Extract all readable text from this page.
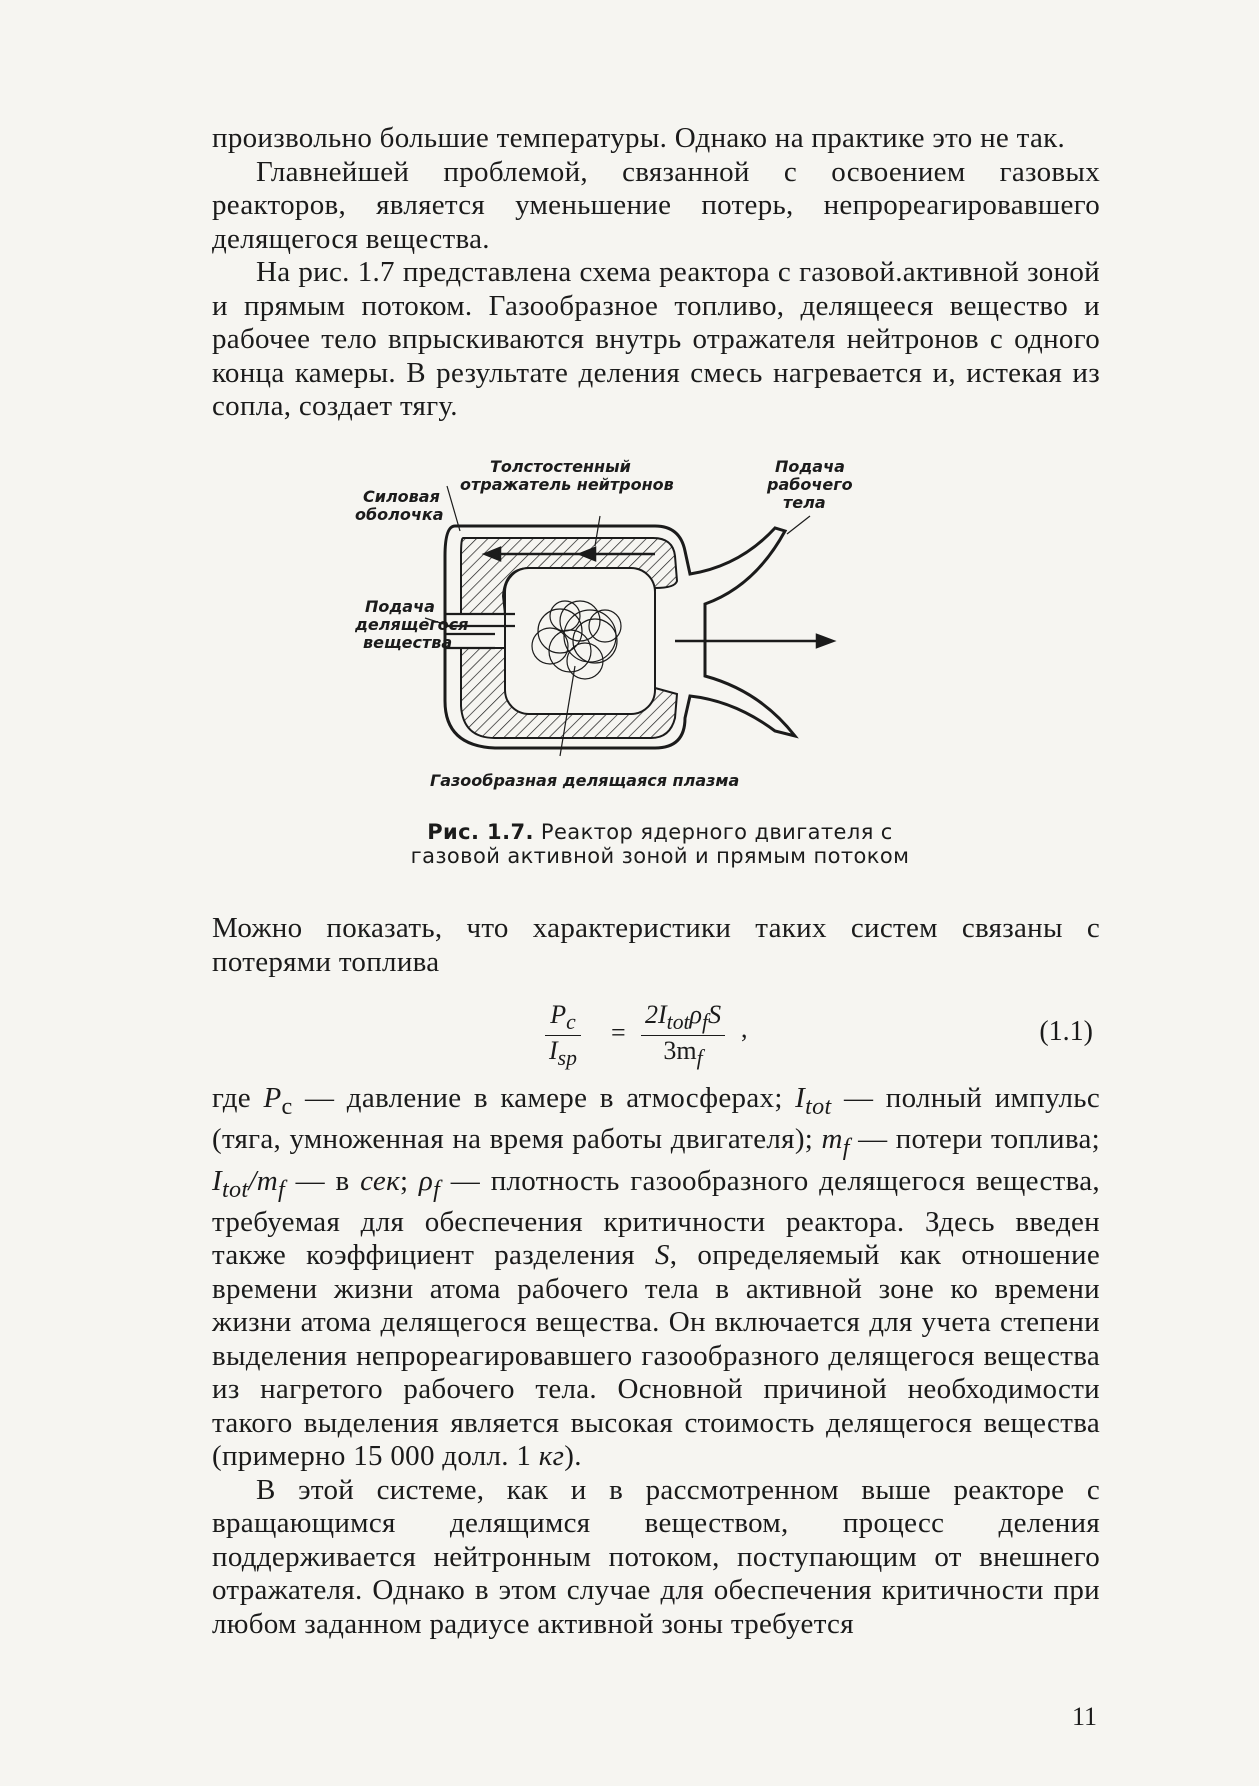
произвольно большие температуры. Однако на практике это не так.

Главнейшей проблемой, связанной с освоением газовых реакторов, является уменьшение потерь, непрореагировавшего делящегося вещества.

На рис. 1.7 представлена схема реактора с газовой.активной зоной и прямым потоком. Газообразное топливо, делящееся вещество и рабочее тело впрыскиваются внутрь отражателя нейтронов с одного конца камеры. В результате деления смесь нагревается и, истекая из сопла, создает тягу.

Толстостенный
отражатель нейтронов
Силовая
оболочка
Подача
рабочего
тела
Подача
делящегося
вещества
Газообразная делящаяся плазма
Рис. 1.7. Реактор ядерного двигателя с газовой активной зоной и прямым потоком

Можно показать, что характеристики таких систем связаны с потерями топлива

$P_c$
$I_{sp}$
=
$2I_{tot}\rho_fS$
$3m_f$
,	(1.1)

где $P_c$ — давление в камере в атмосферах; $I_{tot}$ — полный импульс (тяга, умноженная на время работы двигателя); $m_f$ — потери топлива; $I_{tot}/m_f$ — в сек; $\rho_f$ — плотность газообразного делящегося вещества, требуемая для обеспечения критичности реактора. Здесь введен также коэффициент разделения S, определяемый как отношение времени жизни атома рабочего тела в активной зоне ко времени жизни атома делящегося вещества. Он включается для учета степени выделения непрореагировавшего газообразного делящегося вещества из нагретого рабочего тела. Основной причиной необходимости такого выделения является высокая стоимость делящегося вещества (примерно 15 000 долл. 1 кг).

В этой системе, как и в рассмотренном выше реакторе с вращающимся делящимся веществом, процесс деления поддерживается нейтронным потоком, поступающим от внешнего отражателя. Однако в этом случае для обеспечения критичности при любом заданном радиусе активной зоны требуется

11
